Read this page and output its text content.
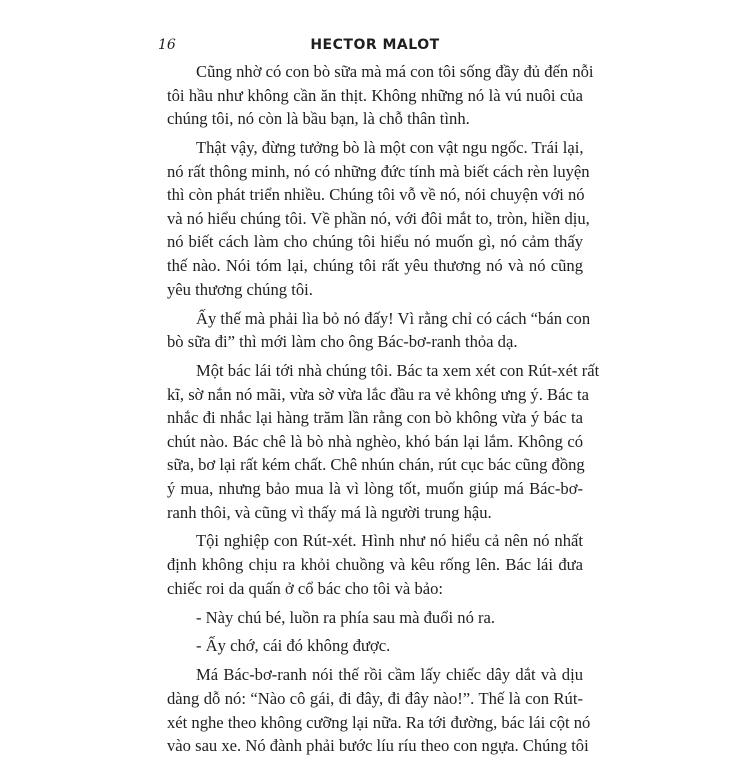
16	HECTOR MALOT
Cũng nhờ có con bò sữa mà má con tôi sống đầy đủ đến nỗi
tôi hầu như không cần ăn thịt. Không những nó là vú nuôi của
chúng tôi, nó còn là bầu bạn, là chỗ thân tình.
Thật vậy, đừng tưởng bò là một con vật ngu ngốc. Trái lại,
nó rất thông minh, nó có những đức tính mà biết cách rèn luyện
thì còn phát triển nhiều. Chúng tôi vỗ về nó, nói chuyện với nó
và nó hiểu chúng tôi. Về phần nó, với đôi mắt to, tròn, hiền dịu,
nó biết cách làm cho chúng tôi hiểu nó muốn gì, nó cảm thấy
thế nào. Nói tóm lại, chúng tôi rất yêu thương nó và nó cũng
yêu thương chúng tôi.
Ấy thế mà phải lìa bỏ nó đấy! Vì rằng chỉ có cách “bán con
bò sữa đi” thì mới làm cho ông Bác-bơ-ranh thỏa dạ.
Một bác lái tới nhà chúng tôi. Bác ta xem xét con Rút-xét rất
kĩ, sờ nắn nó mãi, vừa sờ vừa lắc đầu ra vẻ không ưng ý. Bác ta
nhắc đi nhắc lại hàng trăm lần rằng con bò không vừa ý bác ta
chút nào. Bác chê là bò nhà nghèo, khó bán lại lắm. Không có
sữa, bơ lại rất kém chất. Chê nhún chán, rút cục bác cũng đồng
ý mua, nhưng bảo mua là vì lòng tốt, muốn giúp má Bác-bơ-
ranh thôi, và cũng vì thấy má là người trung hậu.
Tội nghiệp con Rút-xét. Hình như nó hiểu cả nên nó nhất
định không chịu ra khỏi chuồng và kêu rống lên. Bác lái đưa
chiếc roi da quấn ở cổ bác cho tôi và bảo:
- Này chú bé, luồn ra phía sau mà đuổi nó ra.
- Ấy chớ, cái đó không được.
Má Bác-bơ-ranh nói thế rồi cầm lấy chiếc dây dắt và dịu
dàng dỗ nó: “Nào cô gái, đi đây, đi đây nào!”. Thế là con Rút-
xét nghe theo không cưỡng lại nữa. Ra tới đường, bác lái cột nó
vào sau xe. Nó đành phải bước líu ríu theo con ngựa. Chúng tôi
